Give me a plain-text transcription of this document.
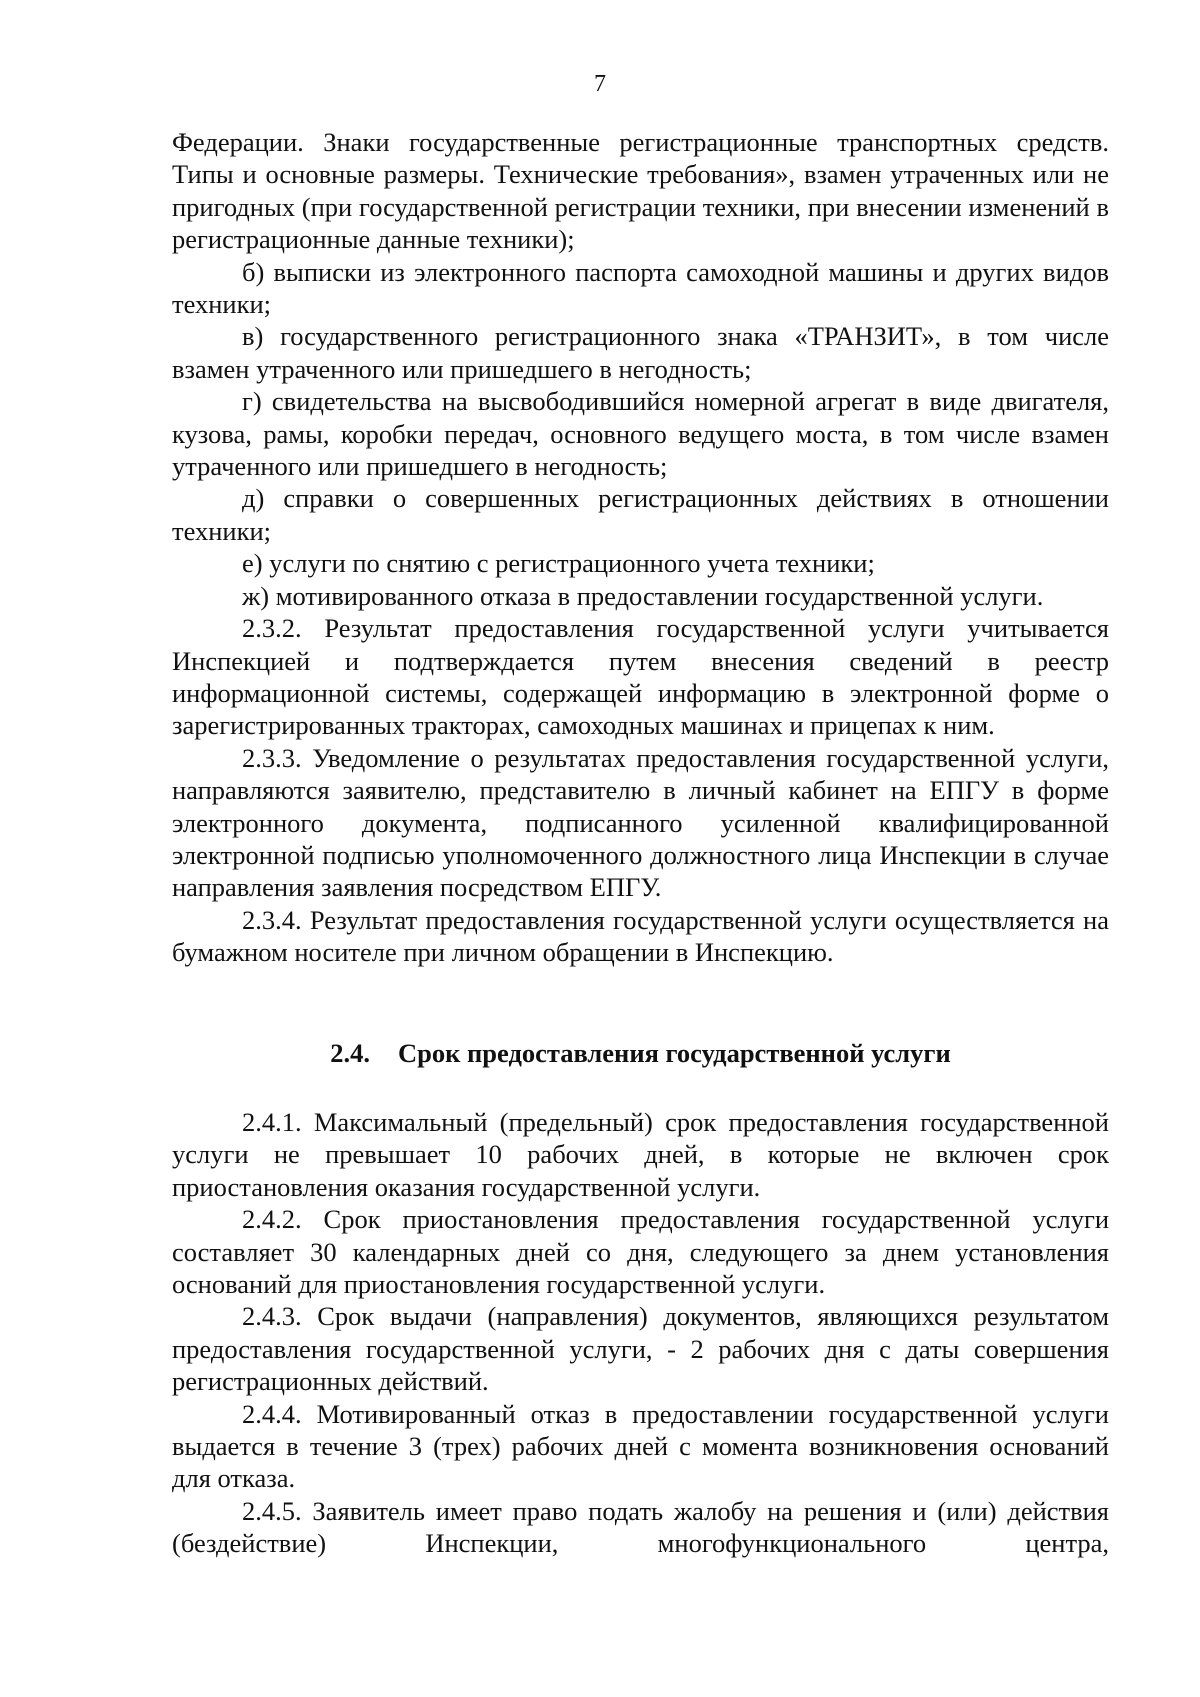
7

Федерации. Знаки государственные регистрационные транспортных средств. Типы и основные размеры. Технические требования», взамен утраченных или не пригодных (при государственной регистрации техники, при внесении изменений в регистрационные данные техники);

б) выписки из электронного паспорта самоходной машины и других видов техники;

в) государственного регистрационного знака «ТРАНЗИТ», в том числе взамен утраченного или пришедшего в негодность;

г) свидетельства на высвободившийся номерной агрегат в виде двигателя, кузова, рамы, коробки передач, основного ведущего моста, в том числе взамен утраченного или пришедшего в негодность;

д) справки о совершенных регистрационных действиях в отношении техники;

е) услуги по снятию с регистрационного учета техники;

ж) мотивированного отказа в предоставлении государственной услуги.

2.3.2. Результат предоставления государственной услуги учитывается Инспекцией и подтверждается путем внесения сведений в реестр информационной системы, содержащей информацию в электронной форме о зарегистрированных тракторах, самоходных машинах и прицепах к ним.

2.3.3. Уведомление о результатах предоставления государственной услуги, направляются заявителю, представителю в личный кабинет на ЕПГУ в форме электронного документа, подписанного усиленной квалифицированной электронной подписью уполномоченного должностного лица Инспекции в случае направления заявления посредством ЕПГУ.

2.3.4. Результат предоставления государственной услуги осуществляется на бумажном носителе при личном обращении в Инспекцию.

2.4. Срок предоставления государственной услуги

2.4.1. Максимальный (предельный) срок предоставления государственной услуги не превышает 10 рабочих дней, в которые не включен срок приостановления оказания государственной услуги.

2.4.2. Срок приостановления предоставления государственной услуги составляет 30 календарных дней со дня, следующего за днем установления оснований для приостановления государственной услуги.

2.4.3. Срок выдачи (направления) документов, являющихся результатом предоставления государственной услуги, - 2 рабочих дня с даты совершения регистрационных действий.

2.4.4. Мотивированный отказ в предоставлении государственной услуги выдается в течение 3 (трех) рабочих дней с момента возникновения оснований для отказа.

2.4.5. Заявитель имеет право подать жалобу на решения и (или) действия (бездействие) Инспекции, многофункционального центра,
